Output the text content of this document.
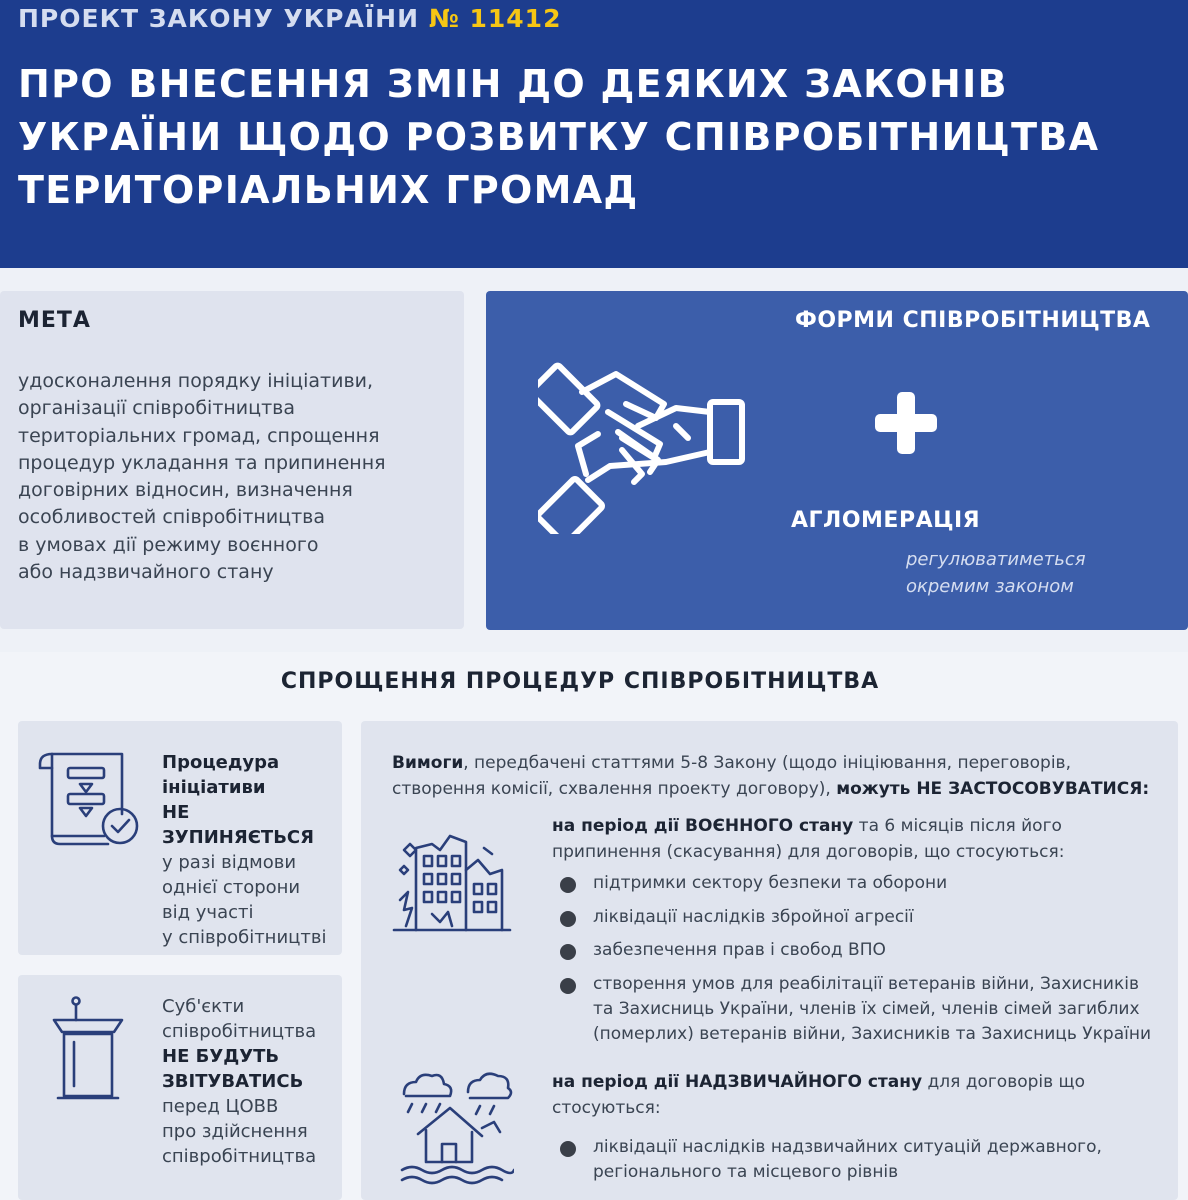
ПРОЕКТ ЗАКОНУ УКРАЇНИ № 11412
ПРО ВНЕСЕННЯ ЗМІН ДО ДЕЯКИХ ЗАКОНІВ УКРАЇНИ ЩОДО РОЗВИТКУ СПІВРОБІТНИЦТВА ТЕРИТОРІАЛЬНИХ ГРОМАД
МЕТА
удосконалення порядку ініціативи,
організації співробітництва
територіальних громад, спрощення
процедур укладання та припинення
договірних відносин, визначення
особливостей співробітництва
в умовах дії режиму воєнного
або надзвичайного стану
ФОРМИ СПІВРОБІТНИЦТВА
АГЛОМЕРАЦІЯ
регулюватиметься
окремим законом
СПРОЩЕННЯ ПРОЦЕДУР СПІВРОБІТНИЦТВА
Процедура
ініціативи
НЕ ЗУПИНЯЄТЬСЯ
у разі відмови
однієї сторони
від участі
у співробітництві
Суб'єкти
співробітництва
НЕ БУДУТЬ
ЗВІТУВАТИСЬ
перед ЦОВВ
про здійснення
співробітництва
Вимоги, передбачені статтями 5-8 Закону (щодо ініціювання, переговорів, створення комісії, схвалення проекту договору), можуть НЕ ЗАСТОСОВУВАТИСЯ:
на період дії ВОЄННОГО стану та 6 місяців після його припинення (скасування) для договорів, що стосуються:
підтримки сектору безпеки та оборони
ліквідації наслідків збройної агресії
забезпечення прав і свобод ВПО
створення умов для реабілітації ветеранів війни, Захисників та Захисниць України, членів їх сімей, членів сімей загиблих (померлих) ветеранів війни, Захисників та Захисниць України
на період дії НАДЗВИЧАЙНОГО стану для договорів що стосуються:
ліквідації наслідків надзвичайних ситуацій державного, регіонального та місцевого рівнів
